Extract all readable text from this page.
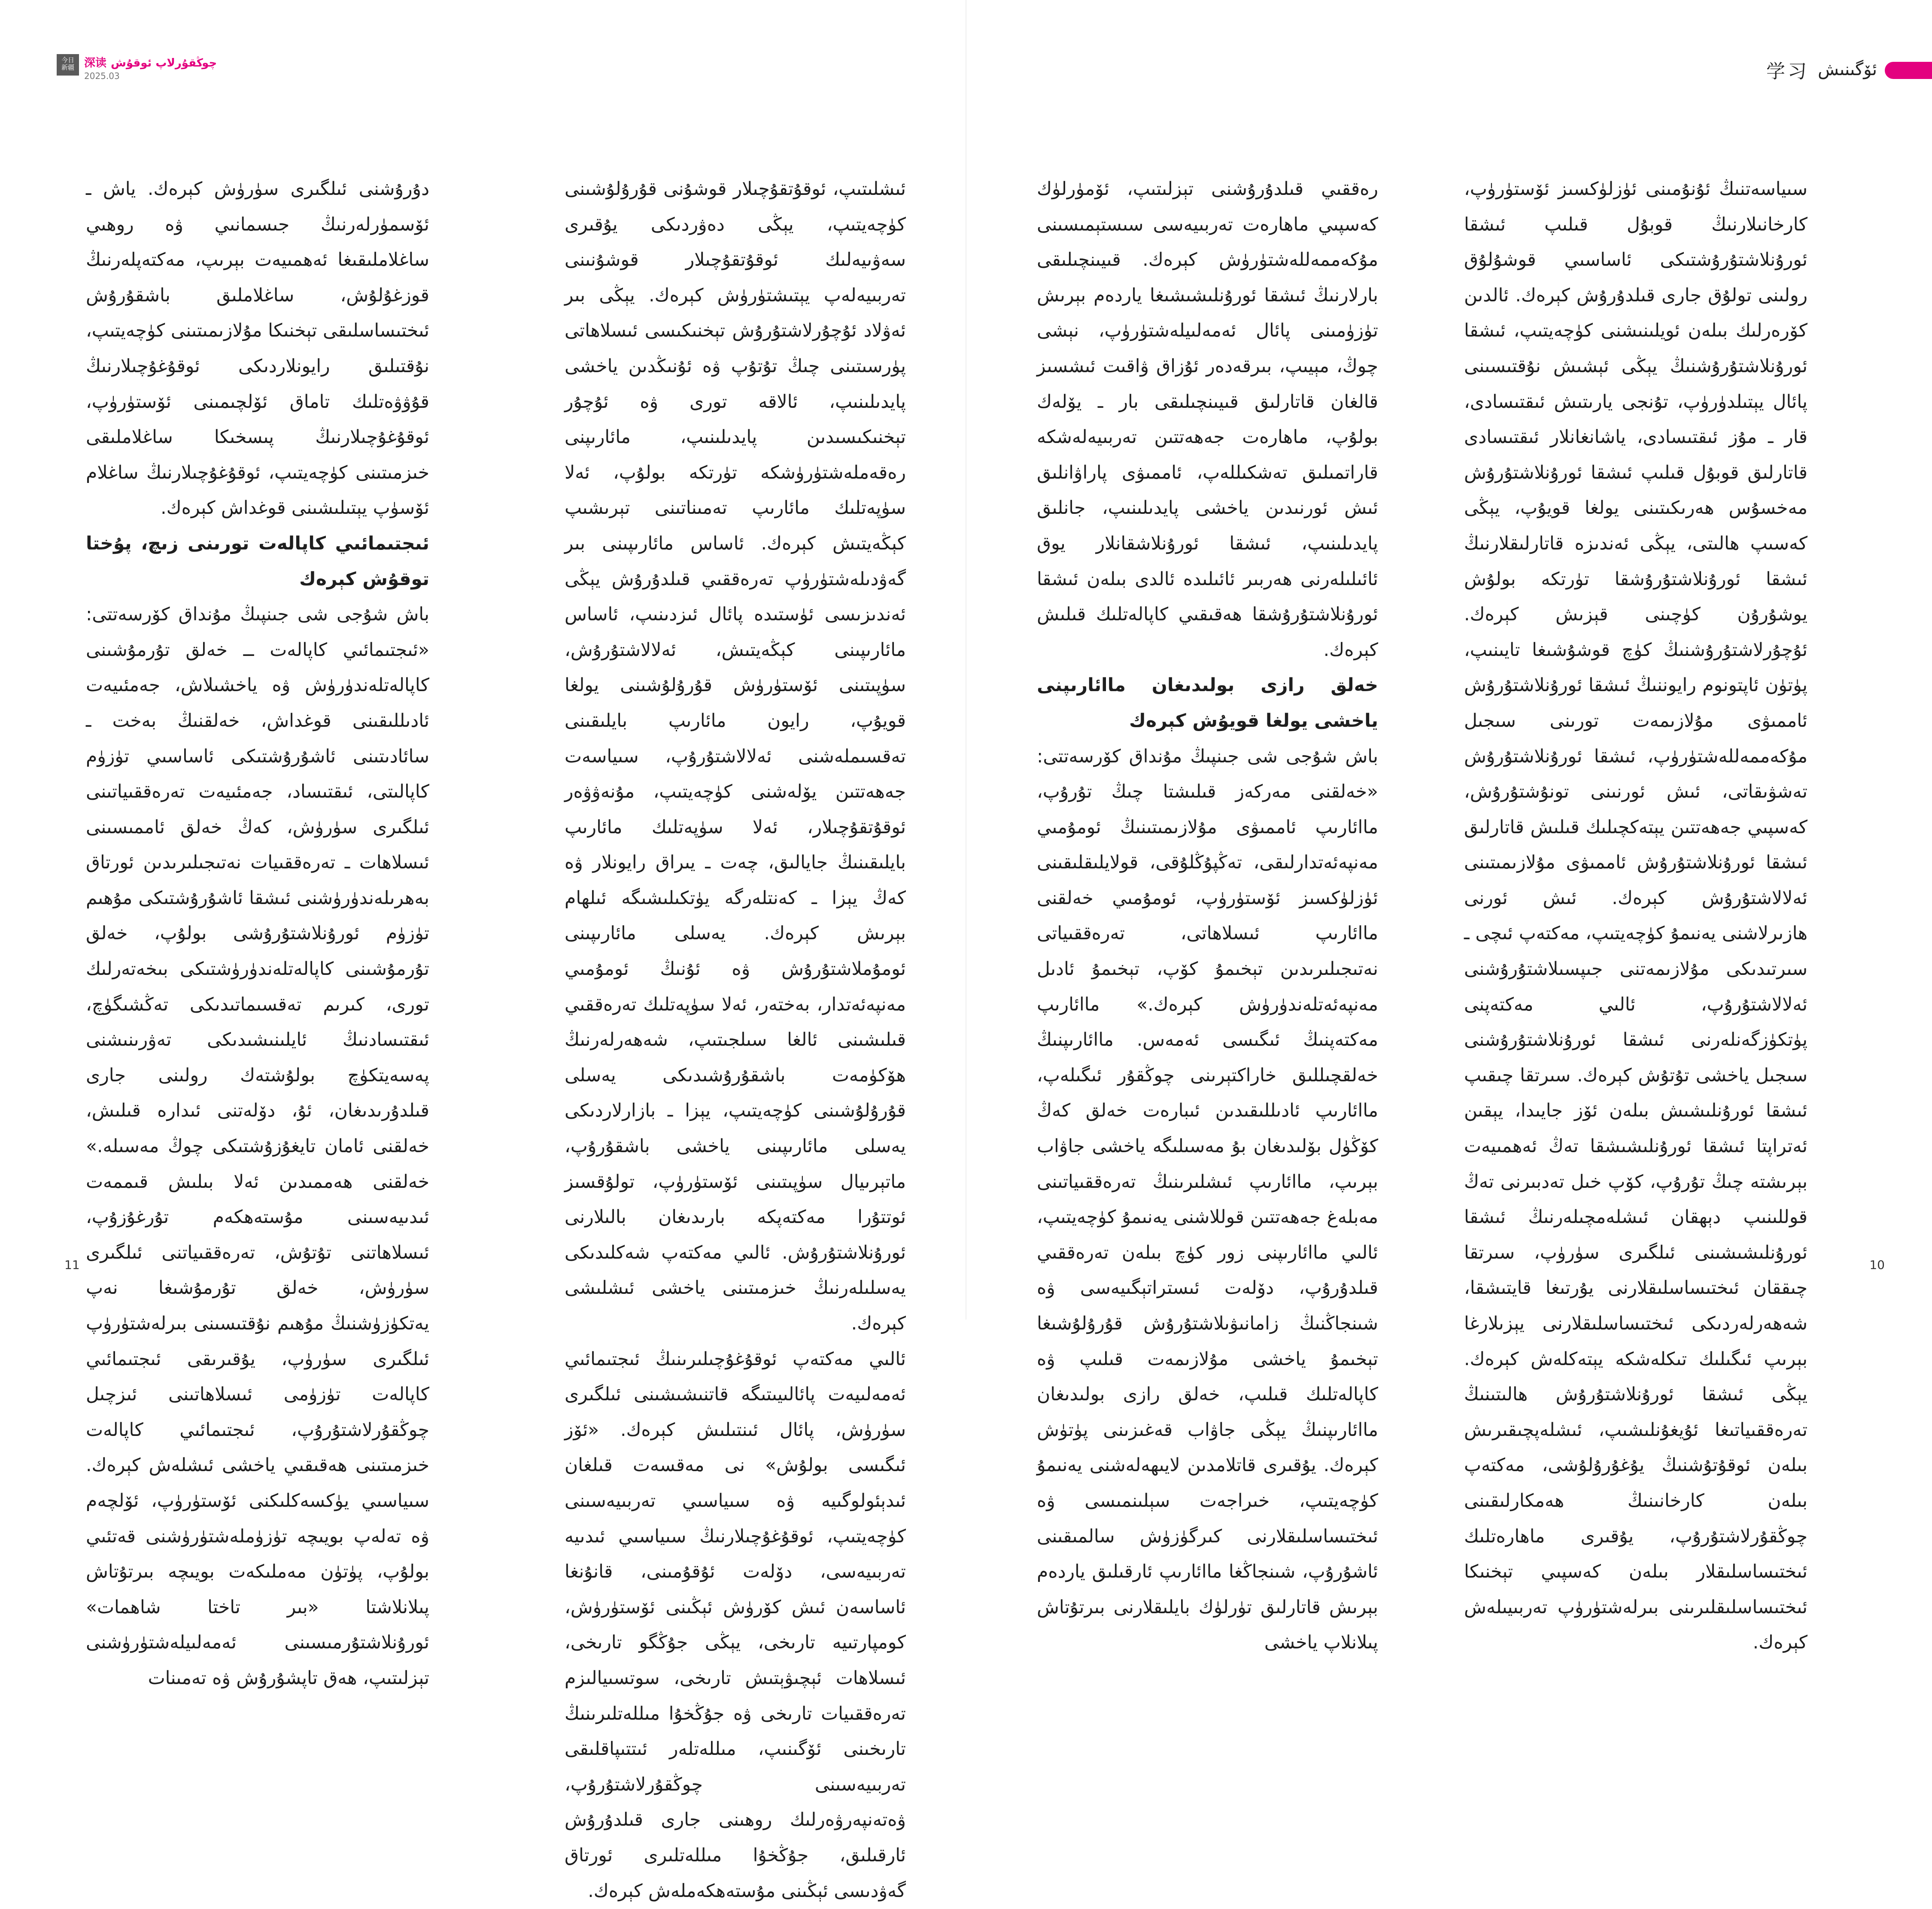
今日 新疆	چوڭقۇرلاپ ئوقۇش
深读
2025.03

ئىشلىتىپ، ئوقۇتقۇچىلار قوشۇنى قۇرۇلۇشىنى كۈچەيتىپ، يېڭى دەۋردىكى يۇقىرى سەۋىيەلىك ئوقۇتقۇچىلار قوشۇنىنى تەربىيەلەپ يېتىشتۈرۈش كېرەك. يېڭى بىر ئەۋلاد ئۇچۇرلاشتۇرۇش تېخنىكىسى ئىسلاھاتى پۈرسىتىنى چىڭ تۇتۇپ ۋە ئۇنىڭدىن ياخشى پايدىلىنىپ، ئالاقە تورى ۋە ئۇچۇر تېخنىكىسىدىن پايدىلىنىپ، مائارىپنى رەقەملەشتۈرۈشكە تۈرتكە بولۇپ، ئەلا سۈپەتلىك مائارىپ تەمىناتىنى تېرىشىپ كېڭەيتىش كېرەك. ئاساس مائارىپىنى بىر گەۋدىلەشتۈرۈپ تەرەققىي قىلدۇرۇش يېڭى ئەندىزىسى ئۈستىدە پائال ئىزدىنىپ، ئاساس مائارىپىنى كېڭەيتىش، ئەلالاشتۇرۇش، سۈپىتىنى ئۆستۈرۈش قۇرۇلۇشىنى يولغا قويۇپ، رايون مائارىپ بايلىقىنى تەقسىملەشنى ئەلالاشتۇرۇپ، سىياسەت جەھەتتىن يۆلەشنى كۈچەيتىپ، مۇنەۋۋەر ئوقۇتقۇچىلار، ئەلا سۈپەتلىك مائارىپ بايلىقىنىڭ جايالىق، چەت ـ يىراق رايونلار ۋە كەڭ يېزا ـ كەنتلەرگە يۈتكىلىشىگە ئىلھام بېرىش كېرەك. يەسلى مائارىپىنى ئومۇملاشتۇرۇش ۋە ئۇنىڭ ئومۇمىي مەنپەئەتدار، بەختەر، ئەلا سۈپەتلىك تەرەققىي قىلىشىنى ئالغا سىلجىتىپ، شەھەرلەرنىڭ ھۆكۈمەت باشقۇرۇشىدىكى يەسلى قۇرۇلۇشىنى كۈچەيتىپ، يېزا ـ بازارلاردىكى يەسلى مائارىپىنى ياخشى باشقۇرۇپ، ماتېرىيال سۈپىتىنى ئۆستۈرۈپ، تولۇقسىز ئوتتۇرا مەكتەپكە بارىدىغان بالىلارنى ئورۇنلاشتۇرۇش. ئالىي مەكتەپ شەكلىدىكى يەسلىلەرنىڭ خىزمىتىنى ياخشى ئىشلىشى كېرەك.

ئالىي مەكتەپ ئوقۇغۇچىلىرىنىڭ ئىجتىمائىي ئەمەلىيەت پائالىيىتىگە قاتنىشىشىنى ئىلگىرى سۈرۈش، پائال ئىنتىلىش كېرەك. «ئۆز ئىگىسى بولۇش» نى مەقسەت قىلغان ئىدېئولوگىيە ۋە سىياسىي تەربىيەسىنى كۈچەيتىپ، ئوقۇغۇچىلارنىڭ سىياسىي ئىدىيە تەربىيەسى، دۆلەت ئۇقۇمىنى، قانۇنغا ئاساسەن ئىش كۆرۈش ئېڭىنى ئۆستۈرۈش، كومپارتىيە تارىخى، يېڭى جۇڭگو تارىخى، ئىسلاھات ئېچىۋېتىش تارىخى، سوتسىيالىزم تەرەققىيات تارىخى ۋە جۇڭخۇا مىللەتلىرىنىڭ تارىخىنى ئۆگىنىپ، مىللەتلەر ئىتتىپاقلىقى تەربىيەسىنى چوڭقۇرلاشتۇرۇپ، ۋەتەنپەرۋەرلىك روھىنى جارى قىلدۇرۇش ئارقىلىق، جۇڭخۇا مىللەتلىرى ئورتاق گەۋدىسى ئېڭىنى مۇستەھكەملەش كېرەك.

دۇرۇشنى ئىلگىرى سۈرۈش كېرەك. ياش ـ ئۆسمۈرلەرنىڭ جىسمانىي ۋە روھىي ساغلاملىقىغا ئەھمىيەت بېرىپ، مەكتەپلەرنىڭ قوزغۇلۇش، ساغلاملىق باشقۇرۇش ئىختىساسلىقى تېخنىكا مۇلازىمىتىنى كۈچەيتىپ، نۇقتىلىق رايونلاردىكى ئوقۇغۇچىلارنىڭ قۇۋۋەتلىك تاماق ئۆلچىمىنى ئۆستۈرۈپ، ئوقۇغۇچىلارنىڭ پىسخىكا ساغلاملىقى خىزمىتىنى كۈچەيتىپ، ئوقۇغۇچىلارنىڭ ساغلام ئۆسۈپ يېتىلىشىنى قوغداش كېرەك.

ئىجتىمائىي كاپالەت تورىنى زىچ، پۇختا توقۇش كېرەك

باش شۇجى شى جىنپىڭ مۇنداق كۆرسەتتى: «ئىجتىمائىي كاپالەت ــ خەلق تۇرمۇشىنى كاپالەتلەندۈرۈش ۋە ياخشىلاش، جەمئىيەت ئادىللىقىنى قوغداش، خەلقنىڭ بەخت ـ سائادىتىنى ئاشۇرۇشتىكى ئاساسىي تۈزۈم كاپالىتى، ئىقتىساد، جەمئىيەت تەرەققىياتىنى ئىلگىرى سۈرۈش، كەڭ خەلق ئاممىسىنى ئىسلاھات ـ تەرەققىيات نەتىجىلىرىدىن ئورتاق بەھرىلەندۈرۈشنى ئىشقا ئاشۇرۇشتىكى مۇھىم تۈزۈم ئورۇنلاشتۇرۇشى بولۇپ، خەلق تۇرمۇشىنى كاپالەتلەندۈرۈشتىكى بىخەتەرلىك تورى، كىرىم تەقسىماتىدىكى تەڭشىگۈچ، ئىقتىسادنىڭ ئايلىنىشىدىكى تەۋرىنىشنى پەسەيتكۈچ بولۇشتەك رولىنى جارى قىلدۇرىدىغان، ئۇ، دۆلەتنى ئىدارە قىلىش، خەلقنى ئامان تايغۇزۇشتىكى چوڭ مەسىلە.» خەلقنى ھەممىدىن ئەلا بىلىش قىممەت ئىدىيەسىنى مۇستەھكەم تۇرغۇزۇپ، ئىسلاھاتنى تۇتۇش، تەرەققىياتنى ئىلگىرى سۈرۈش، خەلق تۇرمۇشىغا نەپ يەتكۈزۈشنىڭ مۇھىم نۇقتىسىنى بىرلەشتۈرۈپ ئىلگىرى سۈرۈپ، يۇقىرىقى ئىجتىمائىي كاپالەت تۈزۈمى ئىسلاھاتىنى ئىزچىل چوڭقۇرلاشتۇرۇپ، ئىجتىمائىي كاپالەت خىزمىتىنى ھەقىقىي ياخشى ئىشلەش كېرەك. سىياسىي يۈكسەكلىكنى ئۆستۈرۈپ، ئۆلچەم ۋە تەلەپ بويىچە تۈزۈملەشتۈرۈشنى قەتئىي بولۇپ، پۈتۈن مەملىكەت بويىچە بىرتۇتاش پىلانلاشتا «بىر تاختا شاھمات» ئورۇنلاشتۇرمىسىنى ئەمەلىيلەشتۈرۈشنى تېزلىتىپ، ھەق تاپشۇرۇش ۋە تەمىنات

11
学习 ئۆگىنىش

سىياسەتنىڭ ئۇنۇمىنى ئۈزلۈكسىز ئۆستۈرۈپ، كارخانىلارنىڭ قوبۇل قىلىپ ئىشقا ئورۇنلاشتۇرۇشتىكى ئاساسىي قوشۇلۇق رولىنى تولۇق جارى قىلدۇرۇش كېرەك. ئالدىن كۆرەرلىك بىلەن ئويلىنىشنى كۈچەيتىپ، ئىشقا ئورۇنلاشتۇرۇشنىڭ يېڭى ئېشىش نۇقتىسىنى پائال يېتىلدۈرۈپ، تۇنجى يارىتىش ئىقتىسادى، قار ـ مۇز ئىقتىسادى، ياشانغانلار ئىقتىسادى قاتارلىق قوبۇل قىلىپ ئىشقا ئورۇنلاشتۇرۇش مەخسۇس ھەرىكىتىنى يولغا قويۇپ، يېڭى كەسىپ ھالىتى، يېڭى ئەندىزە قاتارلىقلارنىڭ ئىشقا ئورۇنلاشتۇرۇشقا تۈرتكە بولۇش يوشۇرۇن كۈچىنى قېزىش كېرەك. ئۇچۇرلاشتۇرۇشنىڭ كۈچ قوشۇشىغا تايىنىپ، پۈتۈن ئاپتونوم رايوننىڭ ئىشقا ئورۇنلاشتۇرۇش ئاممىۋى مۇلازىمەت تورىنى سىجىل مۇكەممەللەشتۈرۈپ، ئىشقا ئورۇنلاشتۇرۇش تەشۋىقاتى، ئىش ئورنىنى تونۇشتۇرۇش، كەسپىي جەھەتتىن يېتەكچىلىك قىلىش قاتارلىق ئىشقا ئورۇنلاشتۇرۇش ئاممىۋى مۇلازىمىتىنى ئەلالاشتۇرۇش كېرەك. ئىش ئورنى ھازىرلاشنى يەنىمۇ كۈچەيتىپ، مەكتەپ ئىچى ـ سىرتىدىكى مۇلازىمەتنى جىپسىلاشتۇرۇشنى ئەلالاشتۇرۇپ، ئالىي مەكتەپنى پۈتكۈزگەنلەرنى ئىشقا ئورۇنلاشتۇرۇشنى سىجىل ياخشى تۇتۇش كېرەك. سىرتقا چىقىپ ئىشقا ئورۇنلىشىش بىلەن ئۆز جايىدا، يېقىن ئەتراپتا ئىشقا ئورۇنلىشىشقا تەڭ ئەھمىيەت بېرىشتە چىڭ تۇرۇپ، كۆپ خىل تەدبىرنى تەڭ قوللىنىپ دېھقان ئىشلەمچىلەرنىڭ ئىشقا ئورۇنلىشىشىنى ئىلگىرى سۈرۈپ، سىرتقا چىققان ئىختىساسلىقلارنى يۇرتىغا قايتىشقا، شەھەرلەردىكى ئىختىساسلىقلارنى يېزىلارغا بېرىپ ئىگىلىك تىكلەشكە يېتەكلەش كېرەك. يېڭى ئىشقا ئورۇنلاشتۇرۇش ھالىتىنىڭ تەرەققىياتىغا ئۇيغۇنلىشىپ، ئىشلەپچىقىرىش بىلەن ئوقۇتۇشنىڭ يۇغۇرۇلۇشى، مەكتەپ بىلەن كارخانىنىڭ ھەمكارلىقىنى چوڭقۇرلاشتۇرۇپ، يۇقىرى ماھارەتلىك ئىختىساسلىقلار بىلەن كەسپىي تېخنىكا ئىختىساسلىقلىرىنى بىرلەشتۈرۈپ تەربىيىلەش كېرەك.

رەققىي قىلدۇرۇشنى تېزلىتىپ، ئۆمۈرلۈك كەسپىي ماھارەت تەربىيەسى سىستېمىسىنى مۇكەممەللەشتۈرۈش كېرەك. قىيىنچىلىقى بارلارنىڭ ئىشقا ئورۇنلىشىشىغا ياردەم بېرىش تۈزۈمىنى پائال ئەمەلىيلەشتۈرۈپ، نېشى چوڭ، مېيىپ، بىرقەدەر ئۇزاق ۋاقىت ئىشسىز قالغان قاتارلىق قىيىنچىلىقى بار ـ يۆلەك بولۇپ، ماھارەت جەھەتتىن تەربىيەلەشكە قاراتمىلىق تەشكىللەپ، ئاممىۋى پاراۋانلىق ئىش ئورنىدىن ياخشى پايدىلىنىپ، جانلىق پايدىلىنىپ، ئىشقا ئورۇنلاشقانلار يوق ئائىلىلەرنى ھەربىر ئائىلىدە ئالدى بىلەن ئىشقا ئورۇنلاشتۇرۇشقا ھەقىقىي كاپالەتلىك قىلىش كېرەك.

خەلق رازى بولىدىغان ماائارىپنى ياخشى يولغا قويۇش كېرەك

باش شۇجى شى جىنپىڭ مۇنداق كۆرسەتتى: «خەلقنى مەركەز قىلىشتا چىڭ تۇرۇپ، ماائارىپ ئاممىۋى مۇلازىمىتىنىڭ ئومۇمىي مەنپەئەتدارلىقى، تەڭپۇڭلۇقى، قولايلىقلىقىنى ئۈزلۈكسىز ئۆستۈرۈپ، ئومۇمىي خەلقنى ماائارىپ ئىسلاھاتى، تەرەققىياتى نەتىجىلىرىدىن تېخىمۇ كۆپ، تېخىمۇ ئادىل مەنپەئەتلەندۈرۈش كېرەك.» ماائارىپ مەكتەپنىڭ ئىگىسى ئەمەس. ماائارىپنىڭ خەلقچىللىق خاراكتېرىنى چوڭقۇر ئىگىلەپ، ماائارىپ ئادىللىقىدىن ئىبارەت خەلق كەڭ كۆڭۈل بۆلىدىغان بۇ مەسىلىگە ياخشى جاۋاب بېرىپ، ماائارىپ ئىشلىرىنىڭ تەرەققىياتىنى مەبلەغ جەھەتتىن قوللاشنى يەنىمۇ كۈچەيتىپ، ئالىي ماائارىپنى زور كۈچ بىلەن تەرەققىي قىلدۇرۇپ، دۆلەت ئىستراتېگىيەسى ۋە شىنجاڭنىڭ زامانىۋىلاشتۇرۇش قۇرۇلۇشىغا تېخىمۇ ياخشى مۇلازىمەت قىلىپ ۋە كاپالەتلىك قىلىپ، خەلق رازى بولىدىغان ماائارىپنىڭ يېڭى جاۋاب قەغىزىنى پۈتۈش كېرەك. يۇقىرى قاتلامدىن لايىھەلەشنى يەنىمۇ كۈچەيتىپ، خىراجەت سېلىنمىسى ۋە ئىختىساسلىقلارنى كىرگۈزۈش سالمىقىنى ئاشۇرۇپ، شىنجاڭغا ماائارىپ ئارقىلىق ياردەم بېرىش قاتارلىق تۈرلۈك بايلىقلارنى بىرتۇتاش پىلانلاپ ياخشى

10
